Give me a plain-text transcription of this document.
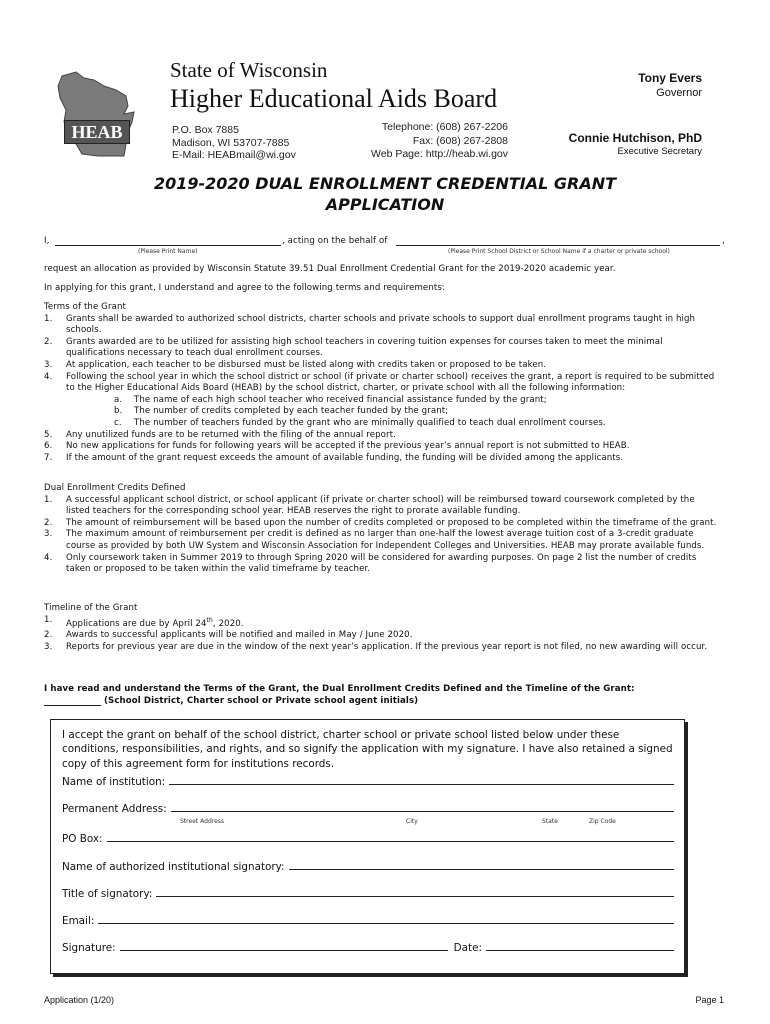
HEAB
State of Wisconsin
Higher Educational Aids Board
P.O. Box 7885
Madison, WI 53707-7885
E-Mail: HEABmail@wi.gov
Telephone: (608) 267-2206
Fax: (608) 267-2808
Web Page: http://heab.wi.gov
Tony Evers
Governor
Connie Hutchison, PhD
Executive Secretary
2019-2020 DUAL ENROLLMENT CREDENTIAL GRANT
APPLICATION
I,	, acting on the behalf of	,
(Please Print Name)	(Please Print School District or School Name if a charter or private school)
request an allocation as provided by Wisconsin Statute 39.51 Dual Enrollment Credential Grant for the 2019-2020 academic year.
In applying for this grant, I understand and agree to the following terms and requirements:
Terms of the Grant
1. Grants shall be awarded to authorized school districts, charter schools and private schools to support dual enrollment programs taught in high schools.
2. Grants awarded are to be utilized for assisting high school teachers in covering tuition expenses for courses taken to meet the minimal qualifications necessary to teach dual enrollment courses.
3. At application, each teacher to be disbursed must be listed along with credits taken or proposed to be taken.
4. Following the school year in which the school district or school (if private or charter school) receives the grant, a report is required to be submitted to the Higher Educational Aids Board (HEAB) by the school district, charter, or private school with all the following information:
a. The name of each high school teacher who received financial assistance funded by the grant;
b. The number of credits completed by each teacher funded by the grant;
c. The number of teachers funded by the grant who are minimally qualified to teach dual enrollment courses.
5. Any unutilized funds are to be returned with the filing of the annual report.
6. No new applications for funds for following years will be accepted if the previous year’s annual report is not submitted to HEAB.
7. If the amount of the grant request exceeds the amount of available funding, the funding will be divided among the applicants.
Dual Enrollment Credits Defined
1. A successful applicant school district, or school applicant (if private or charter school) will be reimbursed toward coursework completed by the listed teachers for the corresponding school year. HEAB reserves the right to prorate available funding.
2. The amount of reimbursement will be based upon the number of credits completed or proposed to be completed within the timeframe of the grant.
3. The maximum amount of reimbursement per credit is defined as no larger than one-half the lowest average tuition cost of a 3-credit graduate course as provided by both UW System and Wisconsin Association for Independent Colleges and Universities. HEAB may prorate available funds.
4. Only coursework taken in Summer 2019 to through Spring 2020 will be considered for awarding purposes. On page 2 list the number of credits taken or proposed to be taken within the valid timeframe by teacher.
Timeline of the Grant
1. Applications are due by April 24th, 2020.
2. Awards to successful applicants will be notified and mailed in May / June 2020.
3. Reports for previous year are due in the window of the next year’s application. If the previous year report is not filed, no new awarding will occur.
I have read and understand the Terms of the Grant, the Dual Enrollment Credits Defined and the Timeline of the Grant:
(School District, Charter school or Private school agent initials)
I accept the grant on behalf of the school district, charter school or private school listed below under these conditions, responsibilities, and rights, and so signify the application with my signature. I have also retained a signed copy of this agreement form for institutions records.
Name of institution:
Permanent Address:
Street Address	City	State	Zip Code
PO Box:
Name of authorized institutional signatory:
Title of signatory:
Email:
Signature:	Date:
Application (1/20)	Page 1
